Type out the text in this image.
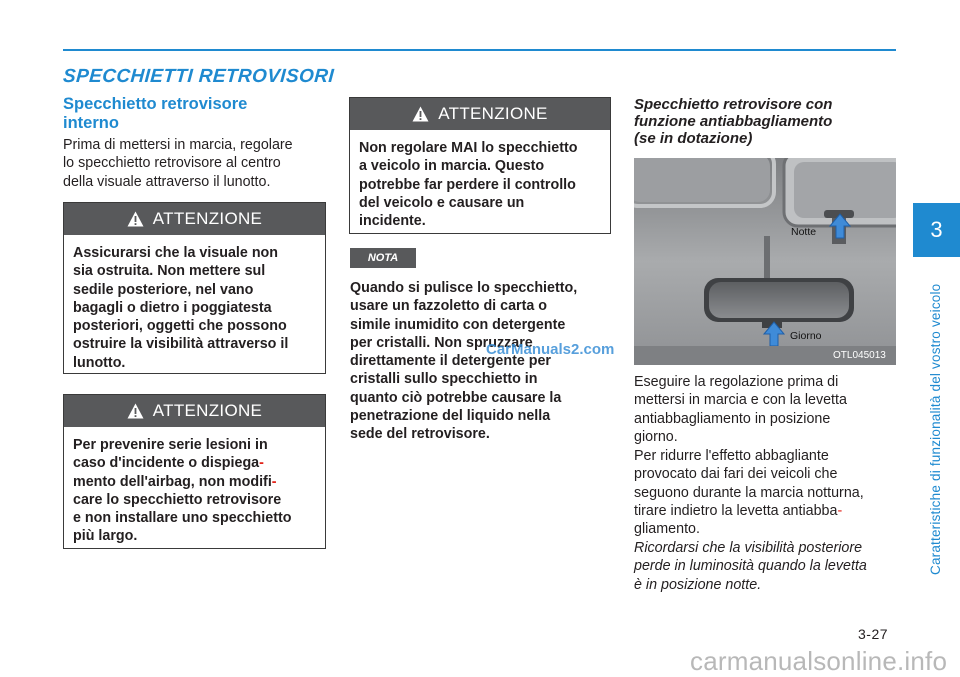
SPECCHIETTI RETROVISORI
Specchietto retrovisore
interno
Prima di mettersi in marcia, regolare
lo specchietto retrovisore al centro
della visuale attraverso il lunotto.
ATTENZIONE
Assicurarsi che la visuale non
sia ostruita. Non mettere sul
sedile posteriore, nel vano
bagagli o dietro i poggiatesta
posteriori, oggetti che possono
ostruire la visibilità attraverso il
lunotto.
ATTENZIONE
Per prevenire serie lesioni in
caso d'incidente o dispiega-
mento dell'airbag, non modifi-
care lo specchietto retrovisore
e non installare uno specchietto
più largo.
ATTENZIONE
Non regolare MAI lo specchietto
a veicolo in marcia. Questo
potrebbe far perdere il controllo
del veicolo e causare un
incidente.
NOTA
Quando si pulisce lo specchietto,
usare un fazzoletto di carta o
simile inumidito con detergente
per cristalli. Non spruzzare
direttamente il detergente per
cristalli sullo specchietto in
quanto ciò potrebbe causare la
penetrazione del liquido nella
sede del retrovisore.
CarManuals2.com
Specchietto retrovisore con
funzione antiabbagliamento
(se in dotazione)
Notte
Giorno
OTL045013
Eseguire la regolazione prima di
mettersi in marcia e con la levetta
antiabbagliamento in posizione
giorno.
Per ridurre l'effetto abbagliante
provocato dai fari dei veicoli che
seguono durante la marcia notturna,
tirare indietro la levetta antiabba-
gliamento.
Ricordarsi che la visibilità posteriore
perde in luminosità quando la levetta
è in posizione notte.
3
Caratteristiche di funzionalità del vostro veicolo
3-27
carmanualsonline.info
